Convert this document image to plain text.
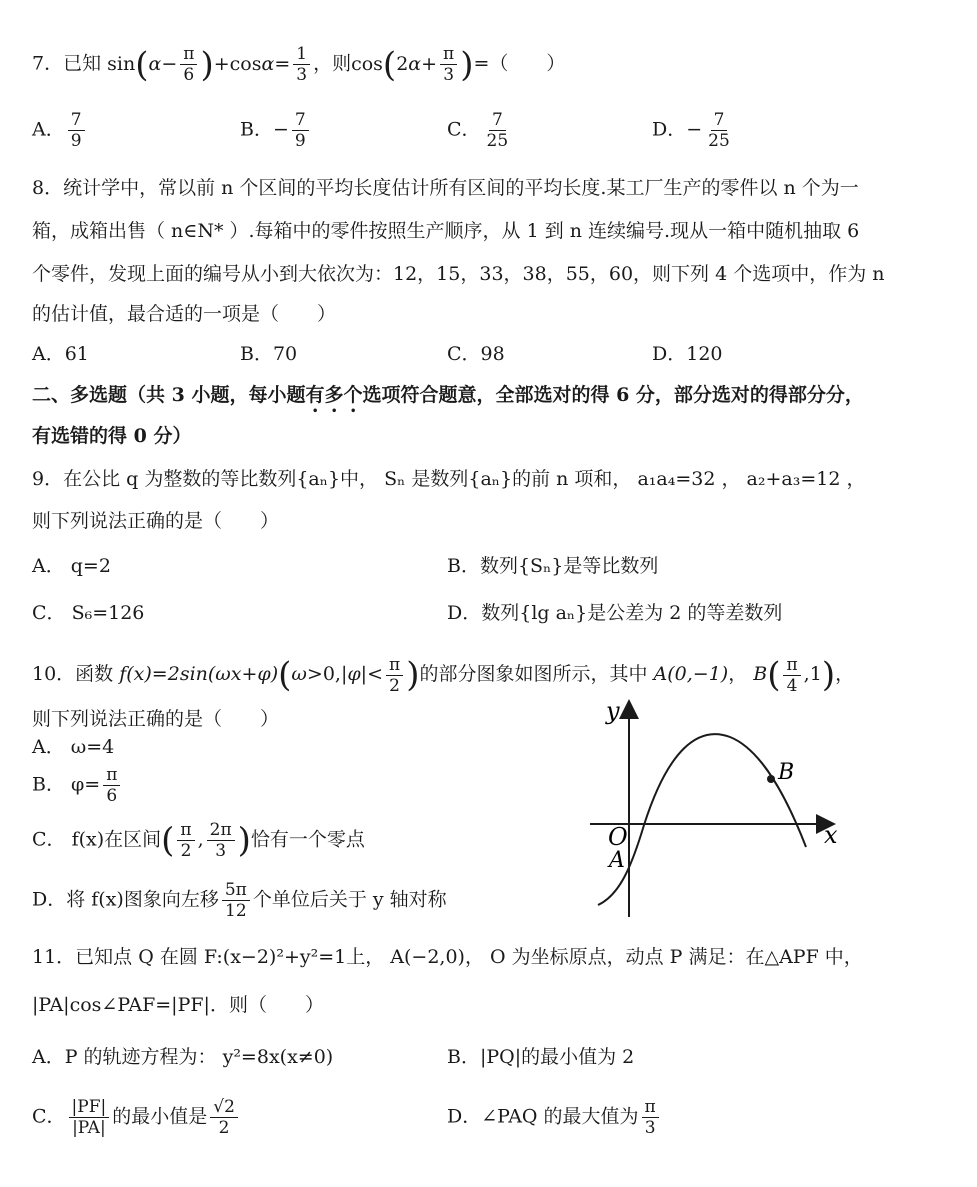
7．已知 $\sin(\alpha- \frac{\pi}{6} )+\cos\alpha= \frac{1}{3}$ ，则$\cos(2\alpha+ \frac{\pi}{3}$ )=（　　）
A． $\frac{7}{9}$	B．− $\frac{7}{9}$	C． $\frac{7}{25}$	D．− $\frac{7}{25}$
8．统计学中，常以前 n 个区间的平均长度估计所有区间的平均长度.某工厂生产的零件以 n 个为一
箱，成箱出售（ n∈N* ）.每箱中的零件按照生产顺序，从 1 到 n 连续编号.现从一箱中随机抽取 6
个零件，发现上面的编号从小到大依次为：12，15，33，38，55，60，则下列 4 个选项中，作为 n
的估计值，最合适的一项是（　　）
A．61	B．70	C．98	D．120
二、多选题（共 3 小题，每小题有多个选项符合题意，全部选对的得 6 分，部分选对的得部分分，
有选错的得 0 分）
9．在公比 q 为整数的等比数列{aₙ}中， Sₙ 是数列{aₙ}的前 n 项和， a₁a₄=32 ， a₂+a₃=12 ，
则下列说法正确的是（　　）
A． q=2	B．数列{Sₙ}是等比数列
C． S₆=126	D．数列{lg aₙ}是公差为 2 的等差数列
10．函数 $f(x)=2\sin(\omega x+\varphi)(\omega>0,|\varphi|< \frac{\pi}{2}$ )的部分图象如图所示，其中 A(0,−1)， $B( \frac{\pi}{4} ,1)$，
则下列说法正确的是（　　）
A． ω=4
B． $\varphi= \frac{\pi}{6}$
C． f(x)在区间( $\frac{\pi}{2}$ , $\frac{2\pi}{3}$ )恰有一个零点
D．将 f(x)图象向左移 $\frac{5\pi}{12}$ 个单位后关于 y 轴对称
y
x
O
A
B
11．已知点 Q 在圆 F:(x−2)²+y²=1上， A(−2,0)， O 为坐标原点，动点 P 满足：在△APF 中，
|PA|cos∠PAF=|PF|．则（　　）
A．P 的轨迹方程为： y²=8x(x≠0)	B．|PQ|的最小值为 2
C． $\frac{|PF|}{|PA|}$ 的最小值是 $\frac{√2}{2}$	D．∠PAQ 的最大值为 $\frac{\pi}{3}$
